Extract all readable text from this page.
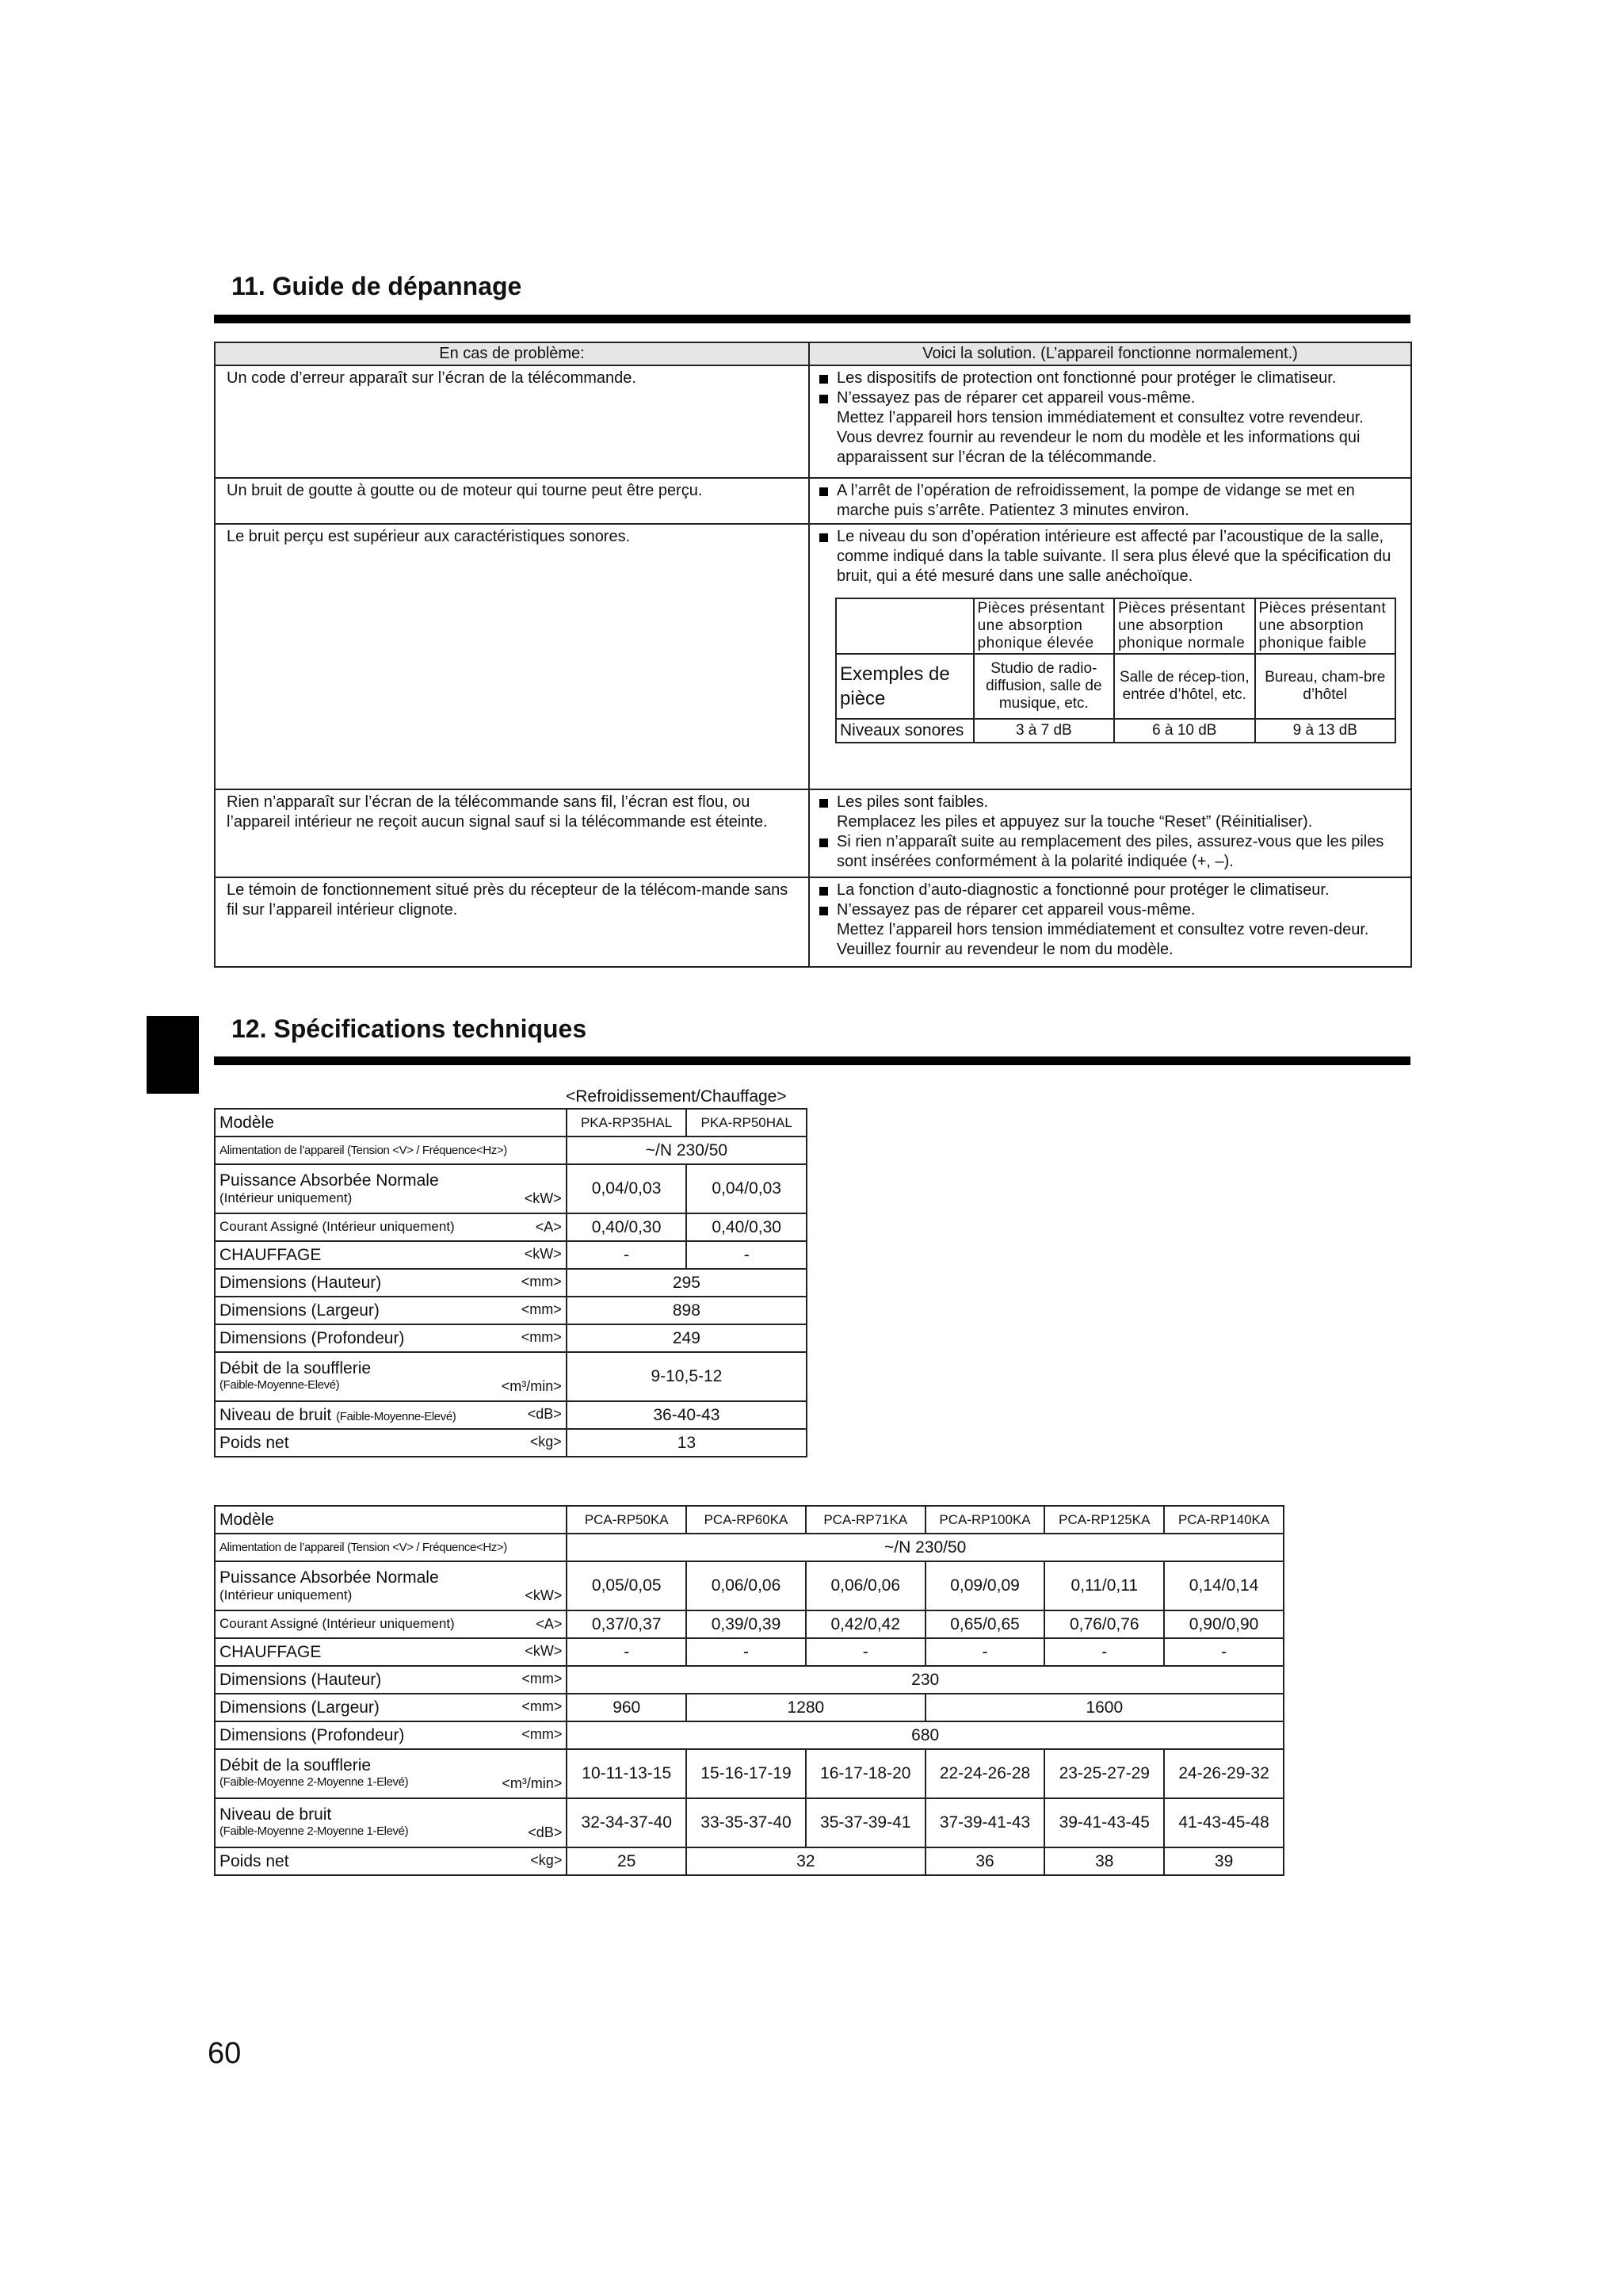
11. Guide de dépannage
En cas de problème:	Voici la solution. (L’appareil fonctionne normalement.)
Un code d’erreur apparaît sur l’écran de la télécommande.	Les dispositifs de protection ont fonctionné pour protéger le climatiseur.
N’essayez pas de réparer cet appareil vous-même.
Mettez l’appareil hors tension immédiatement et consultez votre revendeur. Vous devrez fournir au revendeur le nom du modèle et les informations qui apparaissent sur l’écran de la télécommande.

Un bruit de goutte à goutte ou de moteur qui tourne peut être perçu.	A l’arrêt de l’opération de refroidissement, la pompe de vidange se met en marche puis s’arrête. Patientez 3 minutes environ.

Le bruit perçu est supérieur aux caractéristiques sonores.	Le niveau du son d’opération intérieure est affecté par l’acoustique de la salle, comme indiqué dans la table suivante. Il sera plus élevé que la spécification du bruit, qui a été mesuré dans une salle anéchoïque.
	Pièces présentant une absorption phonique élevée	Pièces présentant une absorption phonique normale	Pièces présentant une absorption phonique faible
Exemples de pièce	Studio de radio-diffusion, salle de musique, etc.	Salle de récep-tion, entrée d’hôtel, etc.	Bureau, cham-bre d’hôtel
Niveaux sonores	3 à 7 dB	6 à 10 dB	9 à 13 dB

Rien n’apparaît sur l’écran de la télécommande sans fil, l’écran est flou, ou l’appareil intérieur ne reçoit aucun signal sauf si la télécommande est éteinte.	
Les piles sont faibles.
Remplacez les piles et appuyez sur la touche “Reset” (Réinitialiser).
Si rien n’apparaît suite au remplacement des piles, assurez-vous que les piles sont insérées conformément à la polarité indiquée (+, –).

Le témoin de fonctionnement situé près du récepteur de la télécom-mande sans fil sur l’appareil intérieur clignote.	
La fonction d’auto-diagnostic a fonctionné pour protéger le climatiseur.
N’essayez pas de réparer cet appareil vous-même.
Mettez l’appareil hors tension immédiatement et consultez votre reven-deur. Veuillez fournir au revendeur le nom du modèle.
12. Spécifications techniques
<Refroidissement/Chauffage>
Modèle	PKA-RP35HAL	PKA-RP50HAL
Alimentation de l’appareil (Tension <V> / Fréquence<Hz>)	~/N 230/50	

Puissance Absorbée Normale
(Intérieur uniquement) <kW>	0,04/0,03	0,04/0,03

Courant Assigné (Intérieur uniquement) <A>	0,40/0,30	0,40/0,30

CHAUFFAGE <kW>	-	-

Dimensions (Hauteur) <mm>	295	

Dimensions (Largeur) <mm>	898	

Dimensions (Profondeur) <mm>	249	

Débit de la soufflerie
(Faible-Moyenne-Elevé) <m³/min>	9-10,5-12	

Niveau de bruit (Faible-Moyenne-Elevé) <dB>	36-40-43	

Poids net <kg>	13	
Modèle	PCA-RP50KA	PCA-RP60KA	PCA-RP71KA	PCA-RP100KA	PCA-RP125KA	PCA-RP140KA
Alimentation de l’appareil (Tension <V> / Fréquence<Hz>)	~/N 230/50					

Puissance Absorbée Normale
(Intérieur uniquement) <kW>	0,05/0,05	0,06/0,06	0,06/0,06	0,09/0,09	0,11/0,11	0,14/0,14

Courant Assigné (Intérieur uniquement) <A>	0,37/0,37	0,39/0,39	0,42/0,42	0,65/0,65	0,76/0,76	0,90/0,90

CHAUFFAGE <kW>	-	-	-	-	-	-

Dimensions (Hauteur) <mm>	230					

Dimensions (Largeur) <mm>	960	1280		1600		

Dimensions (Profondeur) <mm>	680					

Débit de la soufflerie
(Faible-Moyenne 2-Moyenne 1-Elevé) <m³/min>	10-11-13-15	15-16-17-19	16-17-18-20	22-24-26-28	23-25-27-29	24-26-29-32

Niveau de bruit
(Faible-Moyenne 2-Moyenne 1-Elevé) <dB>	32-34-37-40	33-35-37-40	35-37-39-41	37-39-41-43	39-41-43-45	41-43-45-48

Poids net <kg>	25	32		36	38	39
60
